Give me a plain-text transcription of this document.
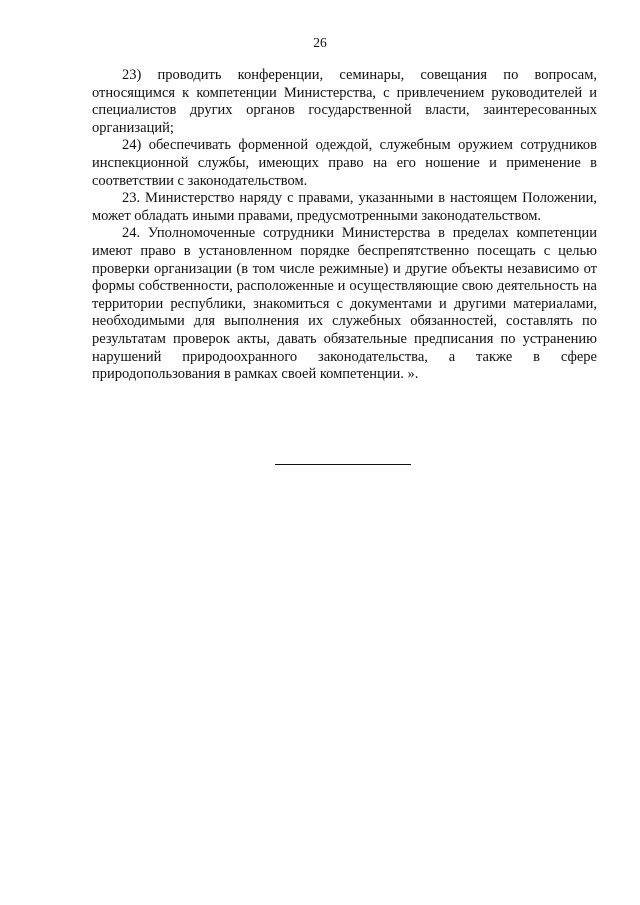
26

23) проводить конференции, семинары, совещания по вопросам, относящимся к компетенции Министерства, с привлечением руководителей и специалистов других органов государственной власти, заинтересованных организаций;

24) обеспечивать форменной одеждой, служебным оружием сотрудников инспекционной службы, имеющих право на его ношение и применение в соответствии с законодательством.

23. Министерство наряду с правами, указанными в настоящем Положении, может обладать иными правами, предусмотренными законодательством.

24. Уполномоченные сотрудники Министерства в пределах компетенции имеют право в установленном порядке беспрепятственно посещать с целью проверки организации (в том числе режимные) и другие объекты независимо от формы собственности, расположенные и осуществляющие свою деятельность на территории республики, знакомиться с документами и другими материалами, необходимыми для выполнения их служебных обязанностей, составлять по результатам проверок акты, давать обязательные предписания по устранению нарушений природоохранного законодательства, а также в сфере природопользования в рамках своей компетенции. ».
